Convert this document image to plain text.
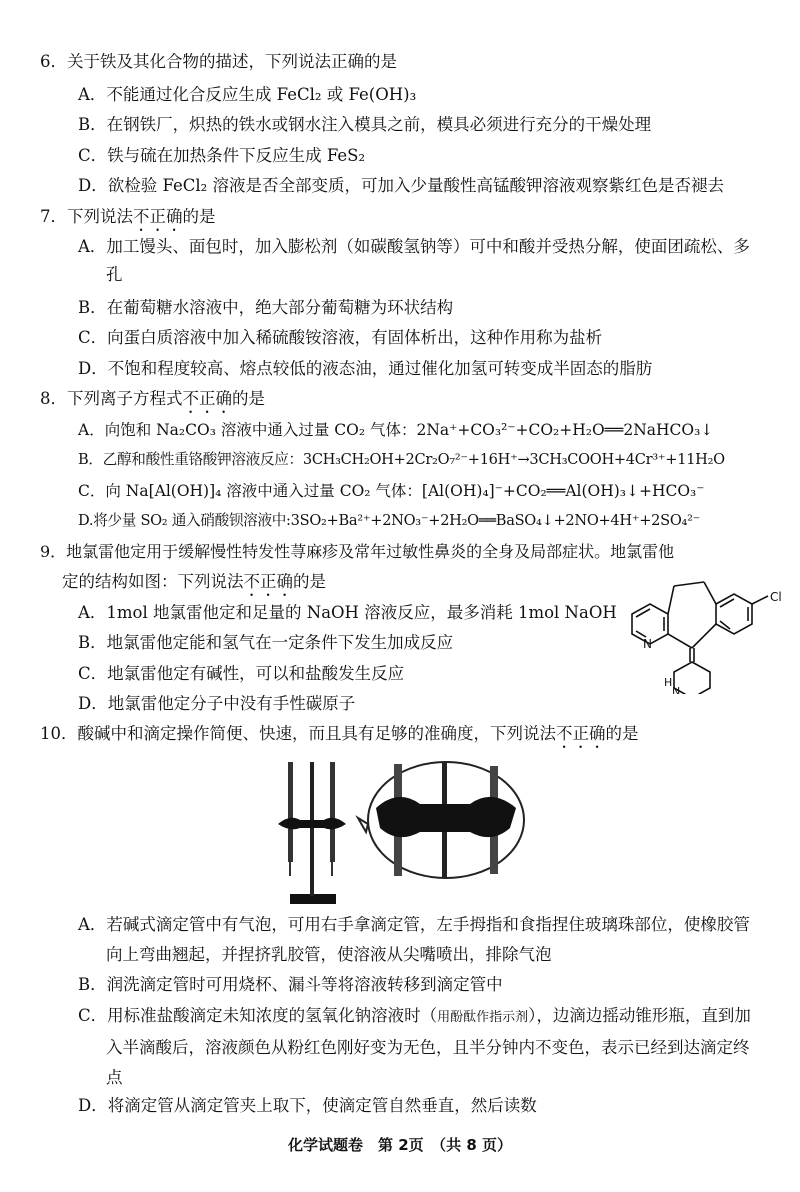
6．关于铁及其化合物的描述，下列说法正确的是
A．不能通过化合反应生成 FeCl₂ 或 Fe(OH)₃
B．在钢铁厂，炽热的铁水或钢水注入模具之前，模具必须进行充分的干燥处理
C．铁与硫在加热条件下反应生成 FeS₂
D．欲检验 FeCl₂ 溶液是否全部变质，可加入少量酸性高锰酸钾溶液观察紫红色是否褪去
7．下列说法不正确的是
A．加工馒头、面包时，加入膨松剂（如碳酸氢钠等）可中和酸并受热分解，使面团疏松、多孔
B．在葡萄糖水溶液中，绝大部分葡萄糖为环状结构
C．向蛋白质溶液中加入稀硫酸铵溶液，有固体析出，这种作用称为盐析
D．不饱和程度较高、熔点较低的液态油，通过催化加氢可转变成半固态的脂肪
8．下列离子方程式不正确的是
A．向饱和 Na₂CO₃ 溶液中通入过量 CO₂ 气体：2Na⁺+CO₃²⁻+CO₂+H₂O══2NaHCO₃↓
B．乙醇和酸性重铬酸钾溶液反应：3CH₃CH₂OH+2Cr₂O₇²⁻+16H⁺→3CH₃COOH+4Cr³⁺+11H₂O
C．向 Na[Al(OH)]₄ 溶液中通入过量 CO₂ 气体：[Al(OH)₄]⁻+CO₂══Al(OH)₃↓+HCO₃⁻
D.将少量 SO₂ 通入硝酸钡溶液中:3SO₂+Ba²⁺+2NO₃⁻+2H₂O══BaSO₄↓+2NO+4H⁺+2SO₄²⁻
9．地氯雷他定用于缓解慢性特发性荨麻疹及常年过敏性鼻炎的全身及局部症状。地氯雷他
定的结构如图：下列说法不正确的是
A．1mol 地氯雷他定和足量的 NaOH 溶液反应，最多消耗 1mol NaOH
B．地氯雷他定能和氢气在一定条件下发生加成反应
C．地氯雷他定有碱性，可以和盐酸发生反应
D．地氯雷他定分子中没有手性碳原子
Cl
N
H
N
10．酸碱中和滴定操作简便、快速，而且具有足够的准确度，下列说法不正确的是
A．若碱式滴定管中有气泡，可用右手拿滴定管，左手拇指和食指捏住玻璃珠部位，使橡胶管向上弯曲翘起，并捏挤乳胶管，使溶液从尖嘴喷出，排除气泡
B．润洗滴定管时可用烧杯、漏斗等将溶液转移到滴定管中
C．用标准盐酸滴定未知浓度的氢氧化钠溶液时（用酚酞作指示剂），边滴边摇动锥形瓶，直到加入半滴酸后，溶液颜色从粉红色刚好变为无色，且半分钟内不变色，表示已经到达滴定终点
D．将滴定管从滴定管夹上取下，使滴定管自然垂直，然后读数
化学试题卷　第 2页　（共 8 页）
